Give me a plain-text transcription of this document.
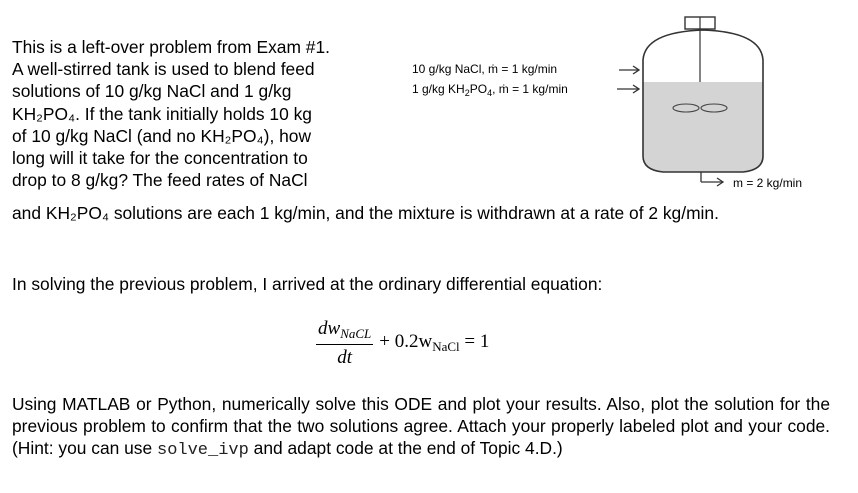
This is a left-over problem from Exam #1.
A well-stirred tank is used to blend feed
solutions of 10 g/kg NaCl and 1 g/kg
KH₂PO₄. If the tank initially holds 10 kg
of 10 g/kg NaCl (and no KH₂PO₄), how
long will it take for the concentration to
drop to 8 g/kg? The feed rates of NaCl
and KH₂PO₄ solutions are each 1 kg/min, and the mixture is withdrawn at a rate of 2 kg/min.
10 g/kg NaCl, ṁ = 1 kg/min
1 g/kg $KH_2PO_4$, ṁ = 1 kg/min
m = 2 kg/min
In solving the previous problem, I arrived at the ordinary differential equation:
$\frac{dw_{NaCL}}{dt} + 0.2w_{NaCl} = 1$
Using MATLAB or Python, numerically solve this ODE and plot your results. Also, plot the solution for the previous problem to confirm that the two solutions agree. Attach your properly labeled plot and your code. (Hint: you can use solve_ivp and adapt code at the end of Topic 4.D.)
